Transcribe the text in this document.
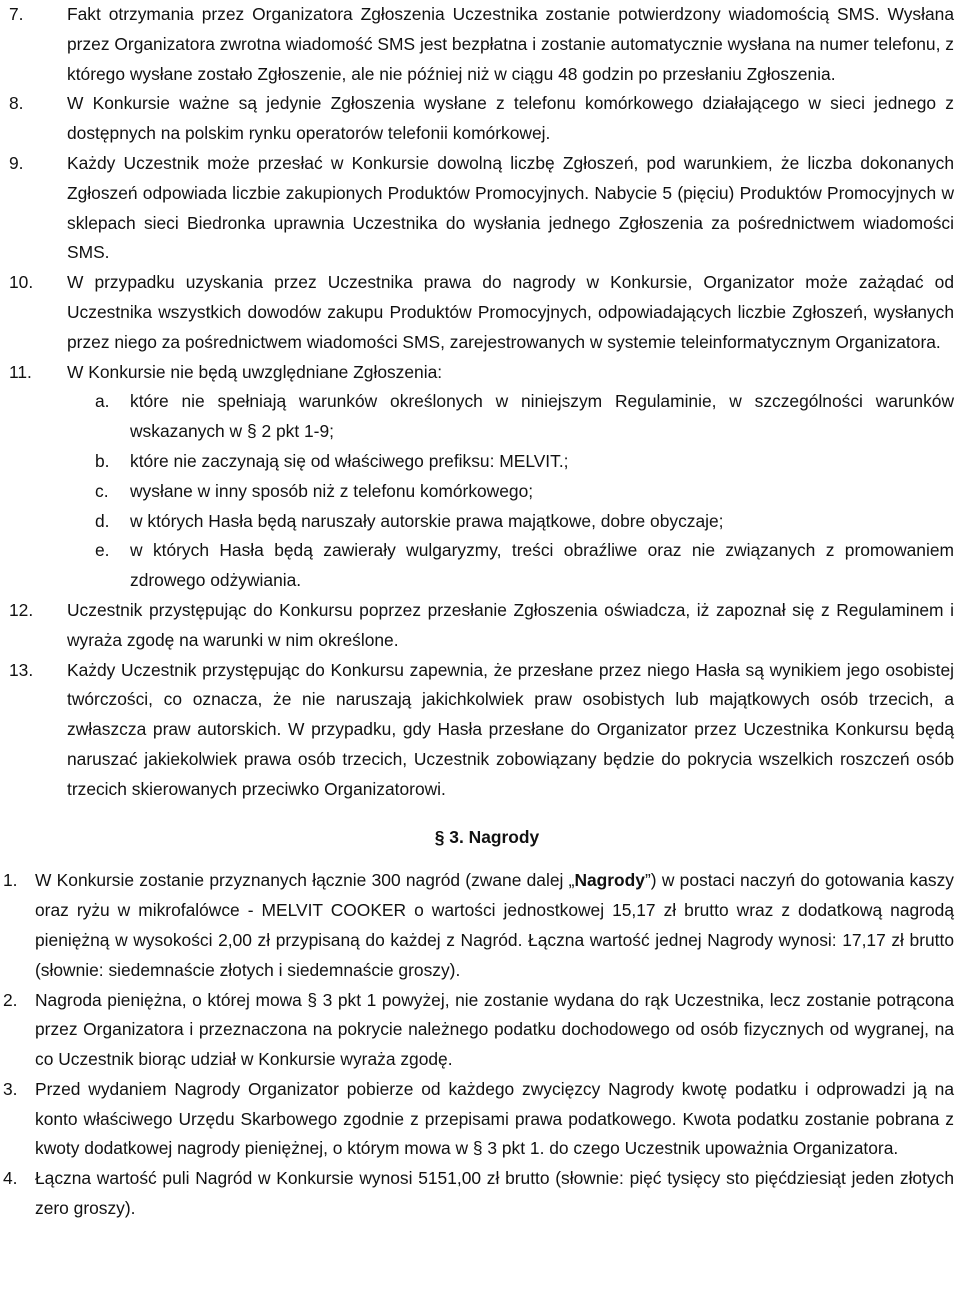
7. Fakt otrzymania przez Organizatora Zgłoszenia Uczestnika zostanie potwierdzony wiadomością SMS. Wysłana przez Organizatora zwrotna wiadomość SMS jest bezpłatna i zostanie automatycznie wysłana na numer telefonu, z którego wysłane zostało Zgłoszenie, ale nie później niż w ciągu 48 godzin po przesłaniu Zgłoszenia.
8. W Konkursie ważne są jedynie Zgłoszenia wysłane z telefonu komórkowego działającego w sieci jednego z dostępnych na polskim rynku operatorów telefonii komórkowej.
9. Każdy Uczestnik może przesłać w Konkursie dowolną liczbę Zgłoszeń, pod warunkiem, że liczba dokonanych Zgłoszeń odpowiada liczbie zakupionych Produktów Promocyjnych. Nabycie 5 (pięciu) Produktów Promocyjnych w sklepach sieci Biedronka uprawnia Uczestnika do wysłania jednego Zgłoszenia za pośrednictwem wiadomości SMS.
10. W przypadku uzyskania przez Uczestnika prawa do nagrody w Konkursie, Organizator może zażądać od Uczestnika wszystkich dowodów zakupu Produktów Promocyjnych, odpowiadających liczbie Zgłoszeń, wysłanych przez niego za pośrednictwem wiadomości SMS, zarejestrowanych w systemie teleinformatycznym Organizatora.
11. W Konkursie nie będą uwzględniane Zgłoszenia:
a. które nie spełniają warunków określonych w niniejszym Regulaminie, w szczególności warunków wskazanych w § 2 pkt 1-9;
b. które nie zaczynają się od właściwego prefiksu: MELVIT.;
c. wysłane w inny sposób niż z telefonu komórkowego;
d. w których Hasła będą naruszały autorskie prawa majątkowe, dobre obyczaje;
e. w których Hasła będą zawierały wulgaryzmy, treści obraźliwe oraz nie związanych z promowaniem zdrowego odżywiania.
12. Uczestnik przystępując do Konkursu poprzez przesłanie Zgłoszenia oświadcza, iż zapoznał się z Regulaminem i wyraża zgodę na warunki w nim określone.
13. Każdy Uczestnik przystępując do Konkursu zapewnia, że przesłane przez niego Hasła są wynikiem jego osobistej twórczości, co oznacza, że nie naruszają jakichkolwiek praw osobistych lub majątkowych osób trzecich, a zwłaszcza praw autorskich. W przypadku, gdy Hasła przesłane do Organizator przez Uczestnika Konkursu będą naruszać jakiekolwiek prawa osób trzecich, Uczestnik zobowiązany będzie do pokrycia wszelkich roszczeń osób trzecich skierowanych przeciwko Organizatorowi.
§ 3. Nagrody
1. W Konkursie zostanie przyznanych łącznie 300 nagród (zwane dalej „Nagrody”) w postaci naczyń do gotowania kaszy oraz ryżu w mikrofalówce - MELVIT COOKER o wartości jednostkowej 15,17 zł brutto wraz z dodatkową nagrodą pieniężną w wysokości 2,00 zł przypisaną do każdej z Nagród. Łączna wartość jednej Nagrody wynosi: 17,17 zł brutto (słownie: siedemnaście złotych i siedemnaście groszy).
2. Nagroda pieniężna, o której mowa § 3 pkt 1 powyżej, nie zostanie wydana do rąk Uczestnika, lecz zostanie potrącona przez Organizatora i przeznaczona na pokrycie należnego podatku dochodowego od osób fizycznych od wygranej, na co Uczestnik biorąc udział w Konkursie wyraża zgodę.
3. Przed wydaniem Nagrody Organizator pobierze od każdego zwycięzcy Nagrody kwotę podatku i odprowadzi ją na konto właściwego Urzędu Skarbowego zgodnie z przepisami prawa podatkowego. Kwota podatku zostanie pobrana z kwoty dodatkowej nagrody pieniężnej, o którym mowa w § 3 pkt 1. do czego Uczestnik upoważnia Organizatora.
4. Łączna wartość puli Nagród w Konkursie wynosi 5151,00 zł brutto (słownie: pięć tysięcy sto pięćdziesiąt jeden złotych zero groszy).
